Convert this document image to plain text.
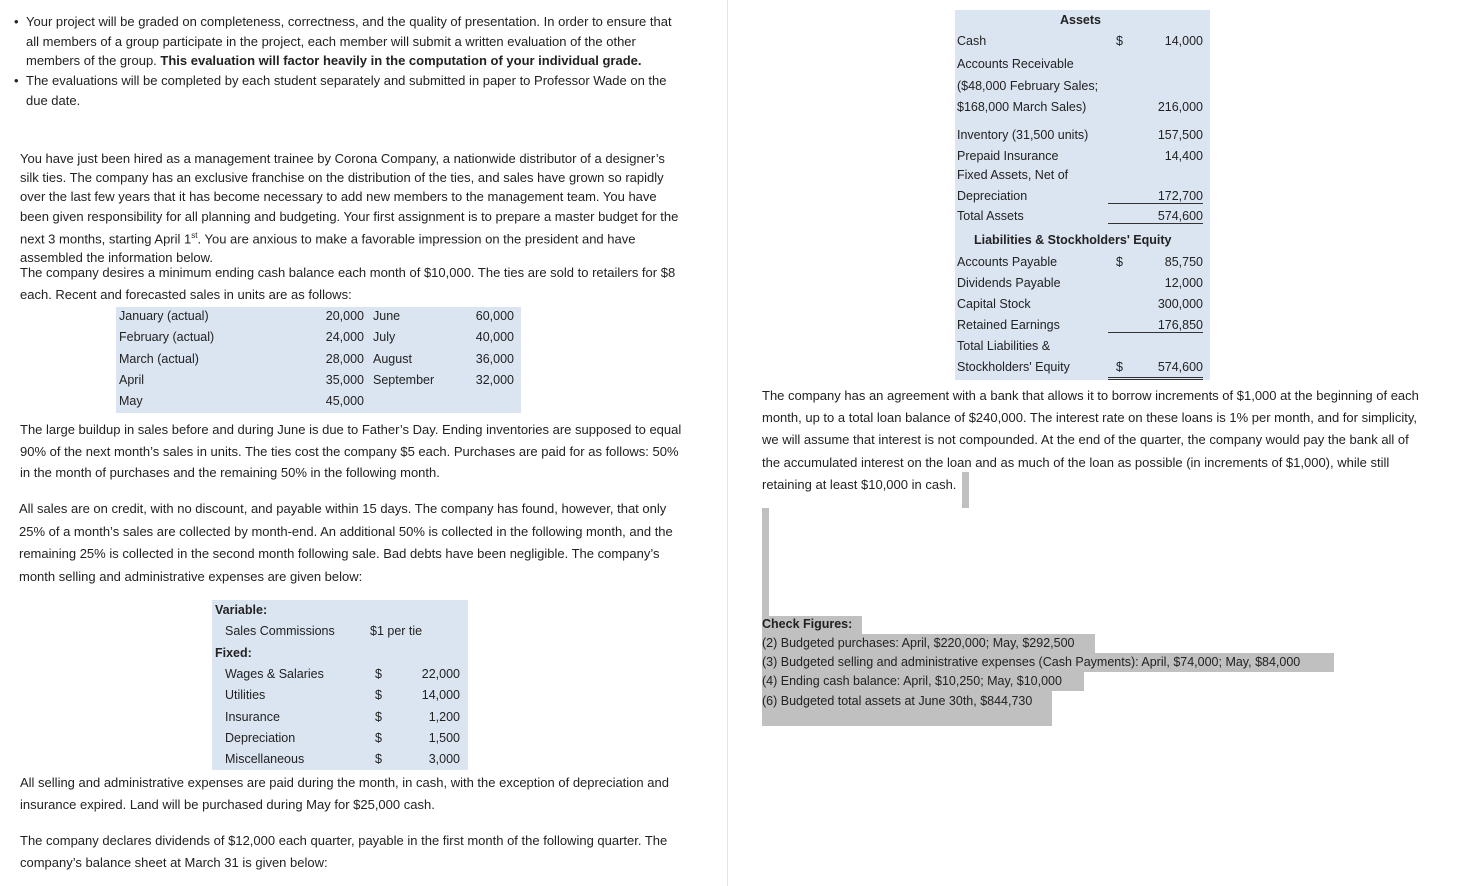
• Your project will be graded on completeness, correctness, and the quality of presentation. In order to ensure that
all members of a group participate in the project, each member will submit a written evaluation of the other
members of the group. This evaluation will factor heavily in the computation of your individual grade.
• The evaluations will be completed by each student separately and submitted in paper to Professor Wade on the
due date.
You have just been hired as a management trainee by Corona Company, a nationwide distributor of a designer’s
silk ties. The company has an exclusive franchise on the distribution of the ties, and sales have grown so rapidly
over the last few years that it has become necessary to add new members to the management team. You have
been given responsibility for all planning and budgeting. Your first assignment is to prepare a master budget for the
next 3 months, starting April 1st. You are anxious to make a favorable impression on the president and have
assembled the information below.
The company desires a minimum ending cash balance each month of $10,000. The ties are sold to retailers for $8
each. Recent and forecasted sales in units are as follows:
January (actual)	20,000 June	60,000
February (actual)	24,000 July	40,000
March (actual)	28,000 August	36,000
April	35,000 September	32,000
May	45,000
The large buildup in sales before and during June is due to Father’s Day. Ending inventories are supposed to equal
90% of the next month’s sales in units. The ties cost the company $5 each. Purchases are paid for as follows: 50%
in the month of purchases and the remaining 50% in the following month.
All sales are on credit, with no discount, and payable within 15 days. The company has found, however, that only
25% of a month’s sales are collected by month-end. An additional 50% is collected in the following month, and the
remaining 25% is collected in the second month following sale. Bad debts have been negligible. The company’s
month selling and administrative expenses are given below:
Variable:
Sales Commissions	$1 per tie
Fixed:
Wages & Salaries	$	22,000
Utilities	$	14,000
Insurance	$	1,200
Depreciation	$	1,500
Miscellaneous	$	3,000
All selling and administrative expenses are paid during the month, in cash, with the exception of depreciation and
insurance expired. Land will be purchased during May for $25,000 cash.
The company declares dividends of $12,000 each quarter, payable in the first month of the following quarter. The
company’s balance sheet at March 31 is given below:
Assets
Cash	$	14,000
Accounts Receivable
($48,000 February Sales;
$168,000 March Sales)	216,000
Inventory (31,500 units)	157,500
Prepaid Insurance	14,400
Fixed Assets, Net of
Depreciation	172,700
Total Assets	574,600
Liabilities & Stockholders' Equity
Accounts Payable	$	85,750
Dividends Payable	12,000
Capital Stock	300,000
Retained Earnings	176,850
Total Liabilities &
Stockholders' Equity	$	574,600
The company has an agreement with a bank that allows it to borrow increments of $1,000 at the beginning of each
month, up to a total loan balance of $240,000. The interest rate on these loans is 1% per month, and for simplicity,
we will assume that interest is not compounded. At the end of the quarter, the company would pay the bank all of
the accumulated interest on the loan and as much of the loan as possible (in increments of $1,000), while still
retaining at least $10,000 in cash.
Check Figures:
(2) Budgeted purchases: April, $220,000; May, $292,500
(3) Budgeted selling and administrative expenses (Cash Payments): April, $74,000; May, $84,000
(4) Ending cash balance: April, $10,250; May, $10,000
(6) Budgeted total assets at June 30th, $844,730
